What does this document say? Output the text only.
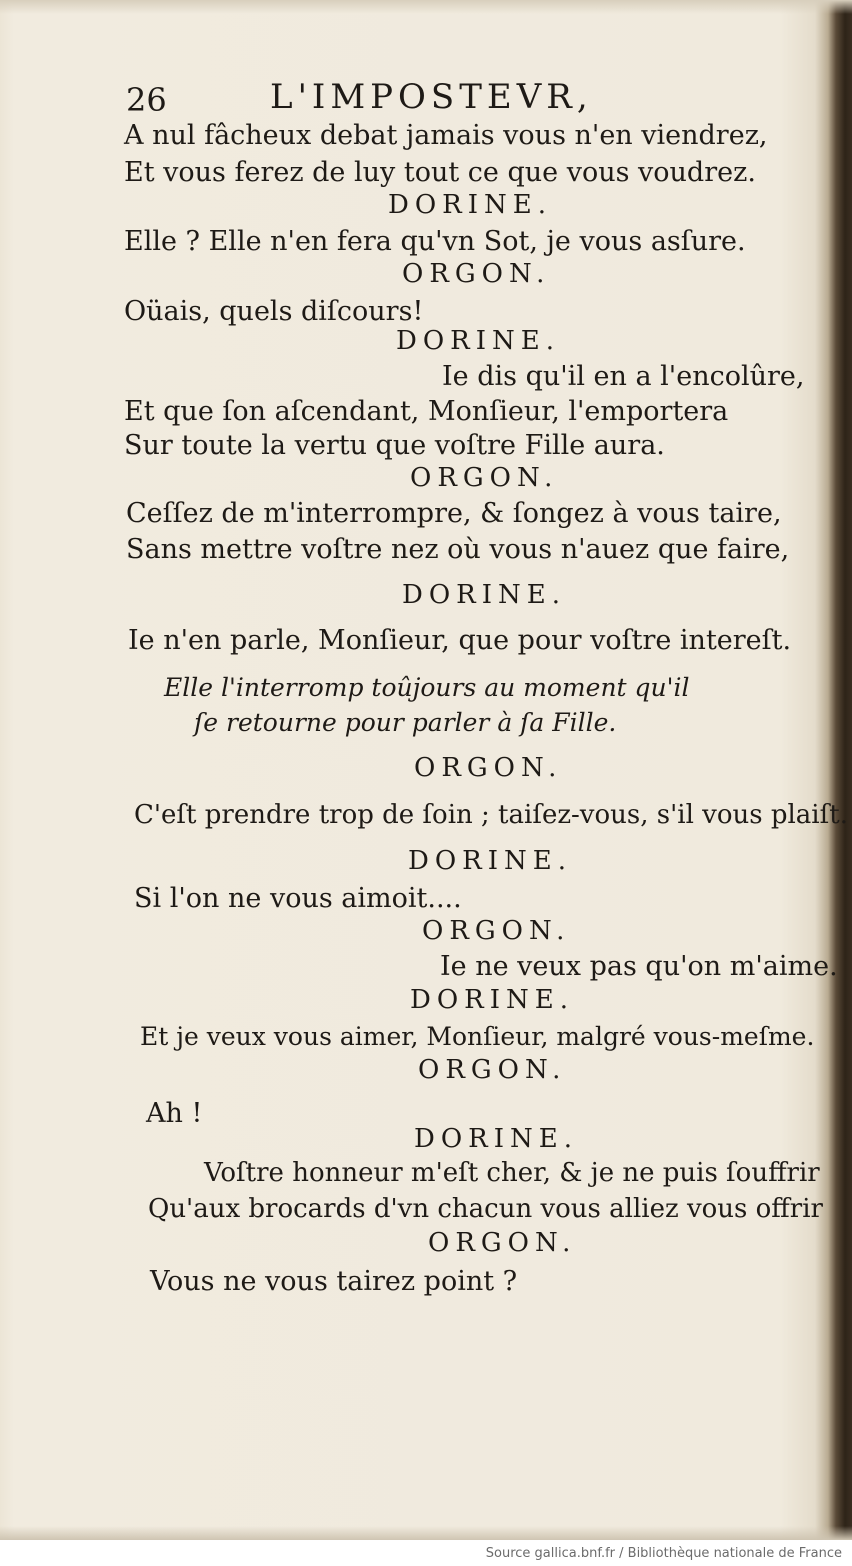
26	L'IMPOSTEVR,
A nul fâcheux debat jamais vous n'en viendrez,
Et vous ferez de luy tout ce que vous voudrez.
DORINE.
Elle ? Elle n'en fera qu'vn Sot, je vous asſure.
ORGON.
Oüais, quels diſcours!
DORINE.
Ie dis qu'il en a l'encolûre,
Et que ſon aſcendant, Monſieur, l'emportera
Sur toute la vertu que voſtre Fille aura.
ORGON.
Ceſſez de m'interrompre, & ſongez à vous taire,
Sans mettre voſtre nez où vous n'auez que faire,
DORINE.
Ie n'en parle, Monſieur, que pour voſtre intereſt.
Elle l'interromp toûjours au moment qu'il
ſe retourne pour parler à ſa Fille.
ORGON.
C'eſt prendre trop de ſoin ; taiſez-vous, s'il vous plaiſt.
DORINE.
Si l'on ne vous aimoit....
ORGON.
Ie ne veux pas qu'on m'aime.
DORINE.
Et je veux vous aimer, Monſieur, malgré vous-meſme.
ORGON.
Ah !
DORINE.
Voſtre honneur m'eſt cher, & je ne puis ſouffrir
Qu'aux brocards d'vn chacun vous alliez vous offrir
ORGON.
Vous ne vous tairez point ?
Source gallica.bnf.fr / Bibliothèque nationale de France
